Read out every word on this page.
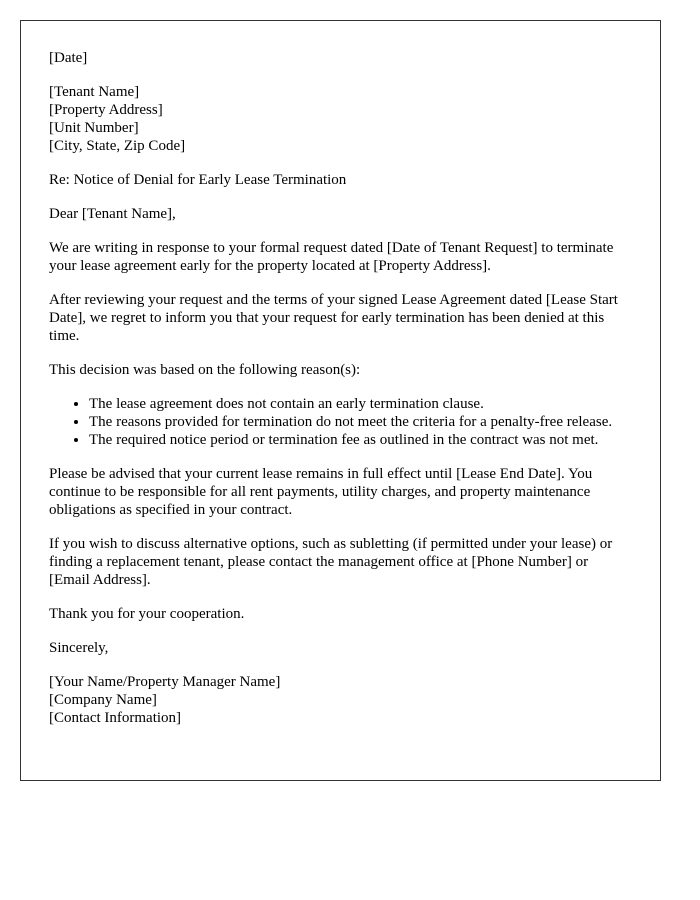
[Date]

[Tenant Name]
[Property Address]
[Unit Number]
[City, State, Zip Code]

Re: Notice of Denial for Early Lease Termination

Dear [Tenant Name],

We are writing in response to your formal request dated [Date of Tenant Request] to terminate your lease agreement early for the property located at [Property Address].

After reviewing your request and the terms of your signed Lease Agreement dated [Lease Start Date], we regret to inform you that your request for early termination has been denied at this time.

This decision was based on the following reason(s):

• The lease agreement does not contain an early termination clause.
• The reasons provided for termination do not meet the criteria for a penalty-free release.
• The required notice period or termination fee as outlined in the contract was not met.

Please be advised that your current lease remains in full effect until [Lease End Date]. You continue to be responsible for all rent payments, utility charges, and property maintenance obligations as specified in your contract.

If you wish to discuss alternative options, such as subletting (if permitted under your lease) or finding a replacement tenant, please contact the management office at [Phone Number] or [Email Address].

Thank you for your cooperation.

Sincerely,

[Your Name/Property Manager Name]
[Company Name]
[Contact Information]
